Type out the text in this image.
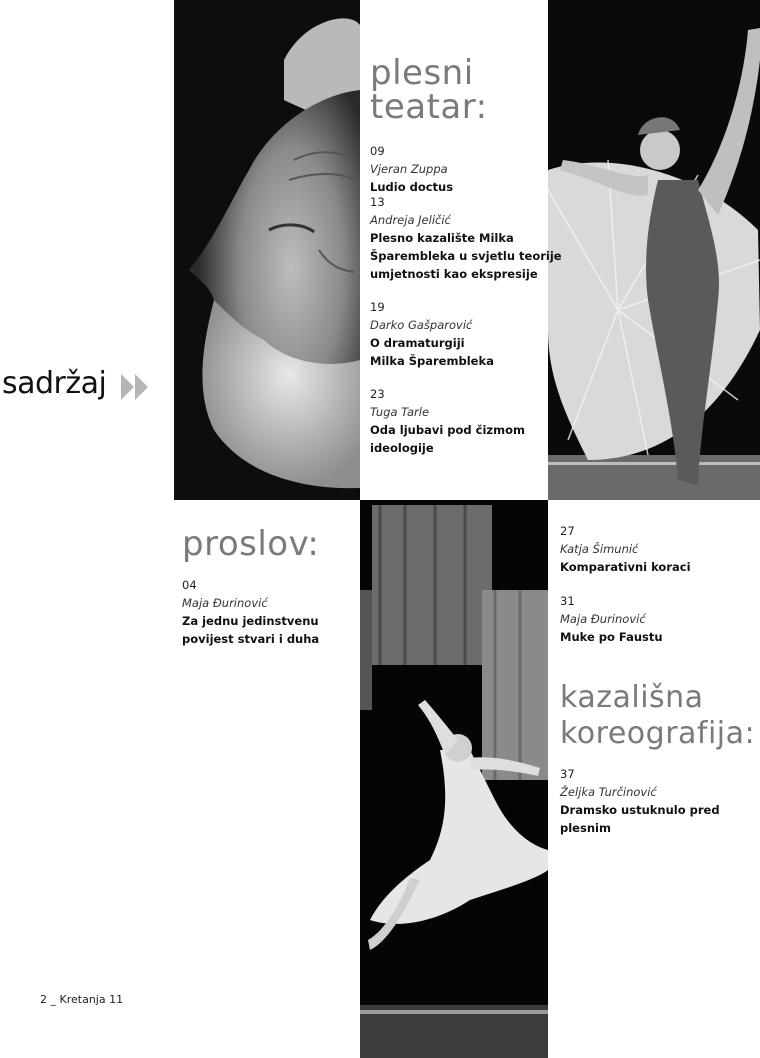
sadržaj
plesni
teatar:
09
Vjeran Zuppa
Ludio doctus
13
Andreja Jeličić
Plesno kazalište Milka
Šparembleka u svjetlu teorije
umjetnosti kao ekspresije
19
Darko Gašparović
O dramaturgiji
Milka Šparembleka
23
Tuga Tarle
Oda ljubavi pod čizmom
ideologije
proslov:
04
Maja Đurinović
Za jednu jedinstvenu
povijest stvari i duha
27
Katja Šimunić
Komparativni koraci
31
Maja Đurinović
Muke po Faustu
kazališna
koreografija:
37
Željka Turčinović
Dramsko ustuknulo pred plesnim
2 _ Kretanja 11
